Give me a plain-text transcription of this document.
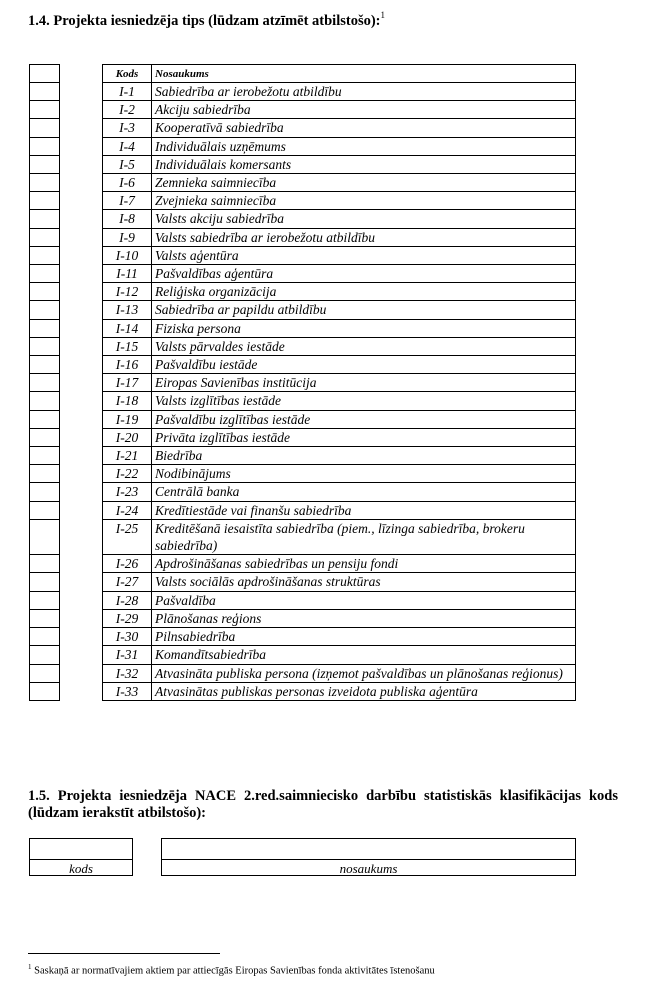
1.4. Projekta iesniedzēja tips (lūdzam atzīmēt atbilstošo):$^1$

Kods	Nosaukums
I-1	Sabiedrība ar ierobežotu atbildību
I-2	Akciju sabiedrība
I-3	Kooperatīvā sabiedrība
I-4	Individuālais uzņēmums
I-5	Individuālais komersants
I-6	Zemnieka saimniecība
I-7	Zvejnieka saimniecība
I-8	Valsts akciju sabiedrība
I-9	Valsts sabiedrība ar ierobežotu atbildību
I-10	Valsts aģentūra
I-11	Pašvaldības aģentūra
I-12	Reliģiska organizācija
I-13	Sabiedrība ar papildu atbildību
I-14	Fiziska persona
I-15	Valsts pārvaldes iestāde
I-16	Pašvaldību iestāde
I-17	Eiropas Savienības institūcija
I-18	Valsts izglītības iestāde
I-19	Pašvaldību izglītības iestāde
I-20	Privāta izglītības iestāde
I-21	Biedrība
I-22	Nodibinājums
I-23	Centrālā banka
I-24	Kredītiestāde vai finanšu sabiedrība
I-25	Kreditēšanā iesaistīta sabiedrība (piem., līzinga sabiedrība, brokeru sabiedrība)
I-26	Apdrošināšanas sabiedrības un pensiju fondi
I-27	Valsts sociālās apdrošināšanas struktūras
I-28	Pašvaldība
I-29	Plānošanas reģions
I-30	Pilnsabiedrība
I-31	Komandītsabiedrība
I-32	Atvasināta publiska persona (izņemot pašvaldības un plānošanas reģionus)
I-33	Atvasinātas publiskas personas izveidota publiska aģentūra
1.5. Projekta iesniedzēja NACE 2.red.saimniecisko darbību statistiskās klasifikācijas kods (lūdzam ierakstīt atbilstošo):
kods	nosaukums
$^1$ Saskaņā ar normatīvajiem aktiem par attiecīgās Eiropas Savienības fonda aktivitātes īstenošanu
